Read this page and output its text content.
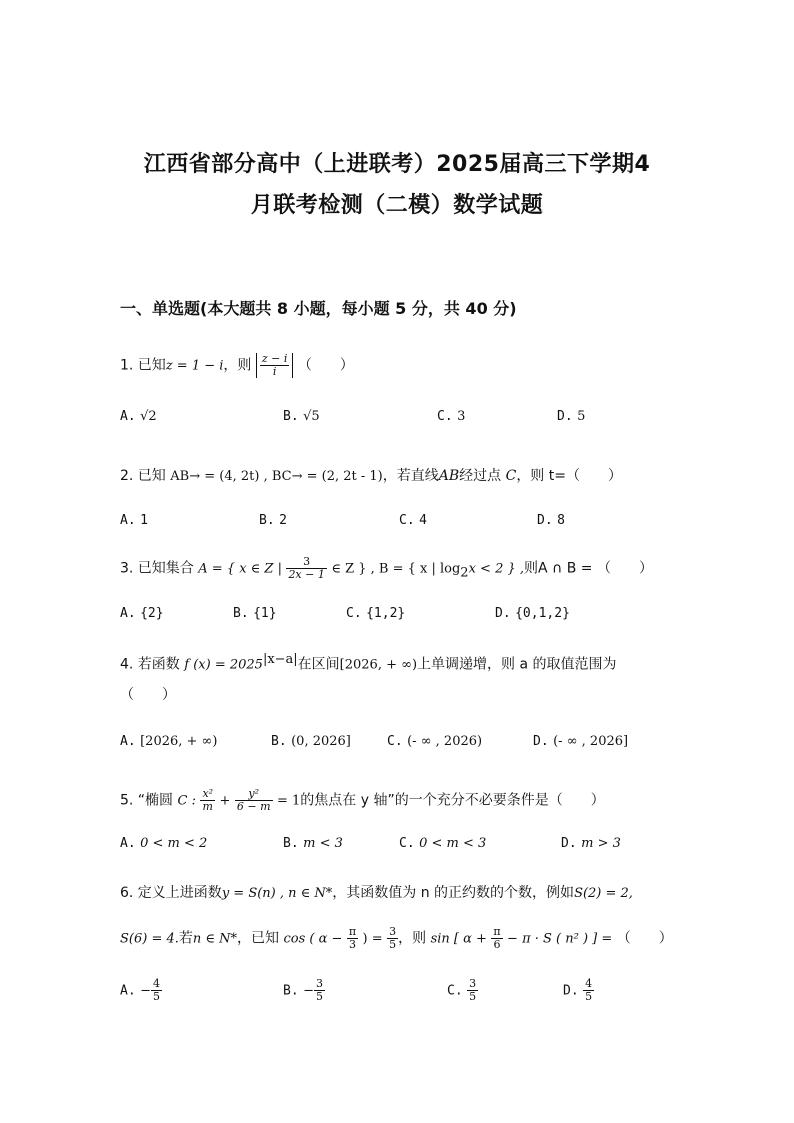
江西省部分高中（上进联考）2025届高三下学期4
月联考检测（二模）数学试题
一、单选题(本大题共 8 小题，每小题 5 分，共 40 分)
1. 已知z = 1 − i，则 $\frac{z - i}{i}$ （　　）
A. √2	B. √5	C. 3	D. 5
2. 已知 AB→ = (4, 2t) , BC→ = (2, 2t - 1)，若直线AB经过点 C，则 t=（　　）
A. 1	B. 2	C. 4	D. 8
3. 已知集合 A = { x ∈ Z | $\frac{3}{2x - 1}$ ∈ Z } , B = { x | $\log_2x < 2$ } ,则A ∩ B = （　　）
A. {2}	B. {1}	C. {1,2}	D. {0,1,2}
4. 若函数 f $(x) = 2025^{|x-a|}$在区间[2026, + ∞)上单调递增，则 a 的取值范围为
（　　）
A. [2026, + ∞)	B. (0, 2026]	C. (- ∞ , 2026)	D. (- ∞ , 2026]
5. “椭圆 C : $\frac{\text{x²}}{m} + \frac{\text{y²}}{6 - m} = 1$的焦点在 y 轴”的一个充分不必要条件是（　　）
A. 0 < m < 2	B. m < 3	C. 0 < m < 3	D. m > 3
6. 定义上进函数y = S(n) , n ∈ N*，其函数值为 n 的正约数的个数，例如S(2) = 2,
S(6) = 4.若n ∈ N*，已知 cos ( $\alpha - \frac{\pi}{3}$ ) = $\frac{3}{5}$ ，则 sin [ $\alpha + \frac{\pi}{6} - \pi \cdot S$ ( n² ) ] = （　　）
A. − $\frac{4}{5}$	B. − $\frac{3}{5}$	C. $\frac{3}{5}$	D. $\frac{4}{5}$
